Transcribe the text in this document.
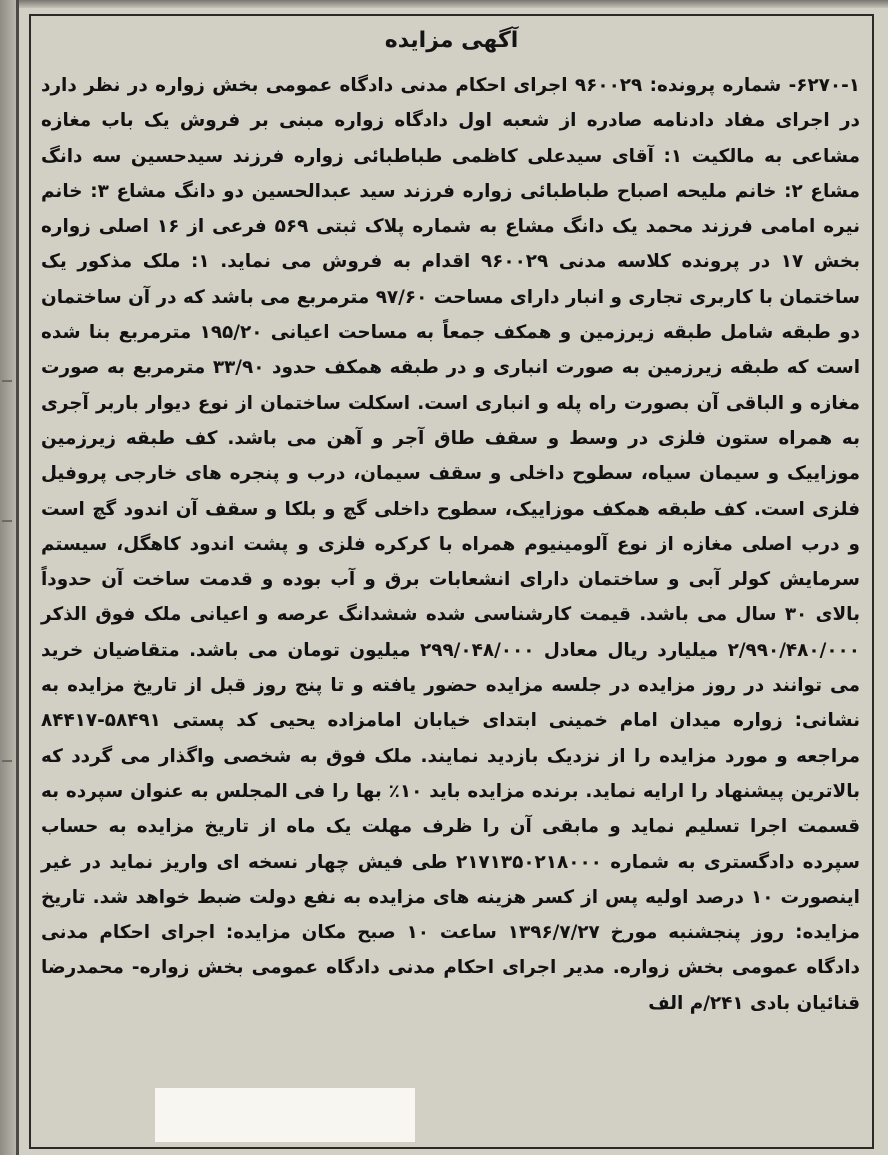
آگهی مزایده

۶۲۷۰-۱- شماره پرونده: ۹۶۰۰۲۹ اجرای احکام مدنی دادگاه عمومی بخش زواره در نظر دارد در اجرای مفاد دادنامه صادره از شعبه اول دادگاه زواره مبنی بر فروش یک باب مغازه مشاعی به مالکیت ۱: آقای سیدعلی کاظمی طباطبائی زواره فرزند سیدحسین سه دانگ مشاع ۲: خانم ملیحه اصباح طباطبائی زواره فرزند سید عبدالحسین دو دانگ مشاع ۳: خانم نیره امامی فرزند محمد یک دانگ مشاع به شماره پلاک ثبتی ۵۶۹ فرعی از ۱۶ اصلی زواره بخش ۱۷ در پرونده کلاسه مدنی ۹۶۰۰۲۹ اقدام به فروش می نماید. ۱: ملک مذکور یک ساختمان با کاربری تجاری و انبار دارای مساحت ۹۷/۶۰ مترمربع می باشد که در آن ساختمان دو طبقه شامل طبقه زیرزمین و همکف جمعاً به مساحت اعیانی ۱۹۵/۲۰ مترمربع بنا شده است که طبقه زیرزمین به صورت انباری و در طبقه همکف حدود ۳۳/۹۰ مترمربع به صورت مغازه و الباقی آن بصورت راه پله و انباری است. اسکلت ساختمان از نوع دیوار باربر آجری به همراه ستون فلزی در وسط و سقف طاق آجر و آهن می باشد. کف طبقه زیرزمین موزاییک و سیمان سیاه، سطوح داخلی و سقف سیمان، درب و پنجره های خارجی پروفیل فلزی است. کف طبقه همکف موزاییک، سطوح داخلی گچ و بلکا و سقف آن اندود گچ است و درب اصلی مغازه از نوع آلومینیوم همراه با کرکره فلزی و پشت اندود کاهگل، سیستم سرمایش کولر آبی و ساختمان دارای انشعابات برق و آب بوده و قدمت ساخت آن حدوداً بالای ۳۰ سال می باشد. قیمت کارشناسی شده ششدانگ عرصه و اعیانی ملک فوق الذکر ۲/۹۹۰/۴۸۰/۰۰۰ میلیارد ریال معادل ۲۹۹/۰۴۸/۰۰۰ میلیون تومان می باشد. متقاضیان خرید می توانند در روز مزایده در جلسه مزایده حضور یافته و تا پنج روز قبل از تاریخ مزایده به نشانی: زواره میدان امام خمینی ابتدای خیابان امامزاده یحیی کد پستی ۵۸۴۹۱-۸۴۴۱۷ مراجعه و مورد مزایده را از نزدیک بازدید نمایند. ملک فوق به شخصی واگذار می گردد که بالاترین پیشنهاد را ارایه نماید. برنده مزایده باید ۱۰٪ بها را فی المجلس به عنوان سپرده به قسمت اجرا تسلیم نماید و مابقی آن را ظرف مهلت یک ماه از تاریخ مزایده به حساب سپرده دادگستری به شماره ۲۱۷۱۳۵۰۲۱۸۰۰۰ طی فیش چهار نسخه ای واریز نماید در غیر اینصورت ۱۰ درصد اولیه پس از کسر هزینه های مزایده به نفع دولت ضبط خواهد شد. تاریخ مزایده: روز پنجشنبه مورخ ۱۳۹۶/۷/۲۷ ساعت ۱۰ صبح مکان مزایده: اجرای احکام مدنی دادگاه عمومی بخش زواره. مدیر اجرای احکام مدنی دادگاه عمومی بخش زواره- محمدرضا قنائیان بادی ۲۴۱/م الف
